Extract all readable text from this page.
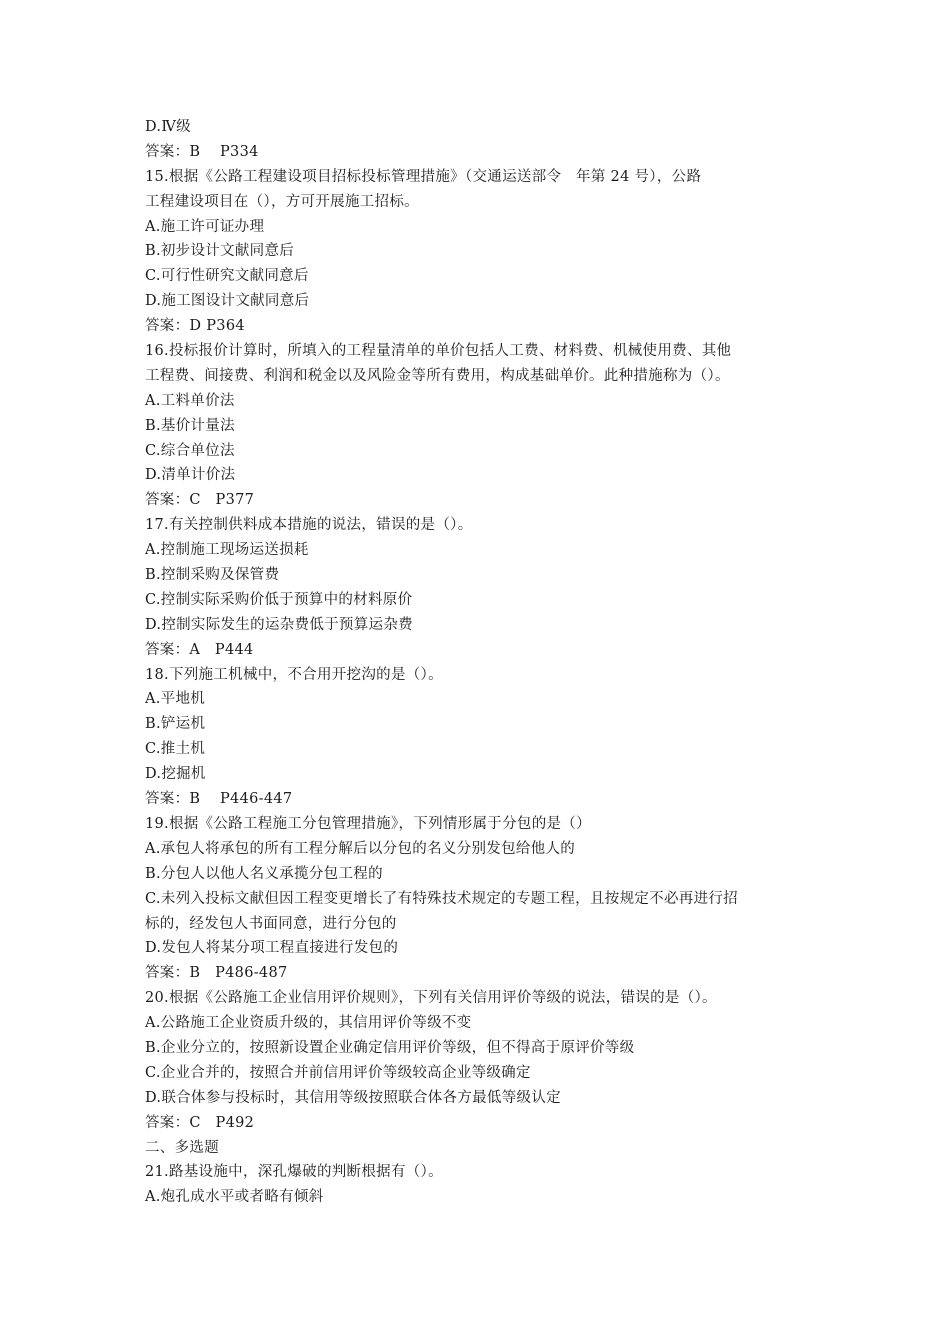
D.Ⅳ级
答案：B    P334
15.根据《公路工程建设项目招标投标管理措施》（交通运送部令   年第 24 号），公路
工程建设项目在（），方可开展施工招标。
A.施工许可证办理
B.初步设计文献同意后
C.可行性研究文献同意后
D.施工图设计文献同意后
答案：D P364
16.投标报价计算时，所填入的工程量清单的单价包括人工费、材料费、机械使用费、其他
工程费、间接费、利润和税金以及风险金等所有费用，构成基础单价。此种措施称为（）。
A.工料单价法
B.基价计量法
C.综合单位法
D.清单计价法
答案：C   P377
17.有关控制供料成本措施的说法，错误的是（）。
A.控制施工现场运送损耗
B.控制采购及保管费
C.控制实际采购价低于预算中的材料原价
D.控制实际发生的运杂费低于预算运杂费
答案：A   P444
18.下列施工机械中，不合用开挖沟的是（）。
A.平地机
B.铲运机
C.推土机
D.挖掘机
答案：B    P446-447
19.根据《公路工程施工分包管理措施》，下列情形属于分包的是（）
A.承包人将承包的所有工程分解后以分包的名义分别发包给他人的
B.分包人以他人名义承揽分包工程的
C.未列入投标文献但因工程变更增长了有特殊技术规定的专题工程，且按规定不必再进行招
标的，经发包人书面同意，进行分包的
D.发包人将某分项工程直接进行发包的
答案：B   P486-487
20.根据《公路施工企业信用评价规则》，下列有关信用评价等级的说法，错误的是（）。
A.公路施工企业资质升级的，其信用评价等级不变
B.企业分立的，按照新设置企业确定信用评价等级，但不得高于原评价等级
C.企业合并的，按照合并前信用评价等级较高企业等级确定
D.联合体参与投标时，其信用等级按照联合体各方最低等级认定
答案：C   P492
二、多选题
21.路基设施中，深孔爆破的判断根据有（）。
A.炮孔成水平或者略有倾斜
